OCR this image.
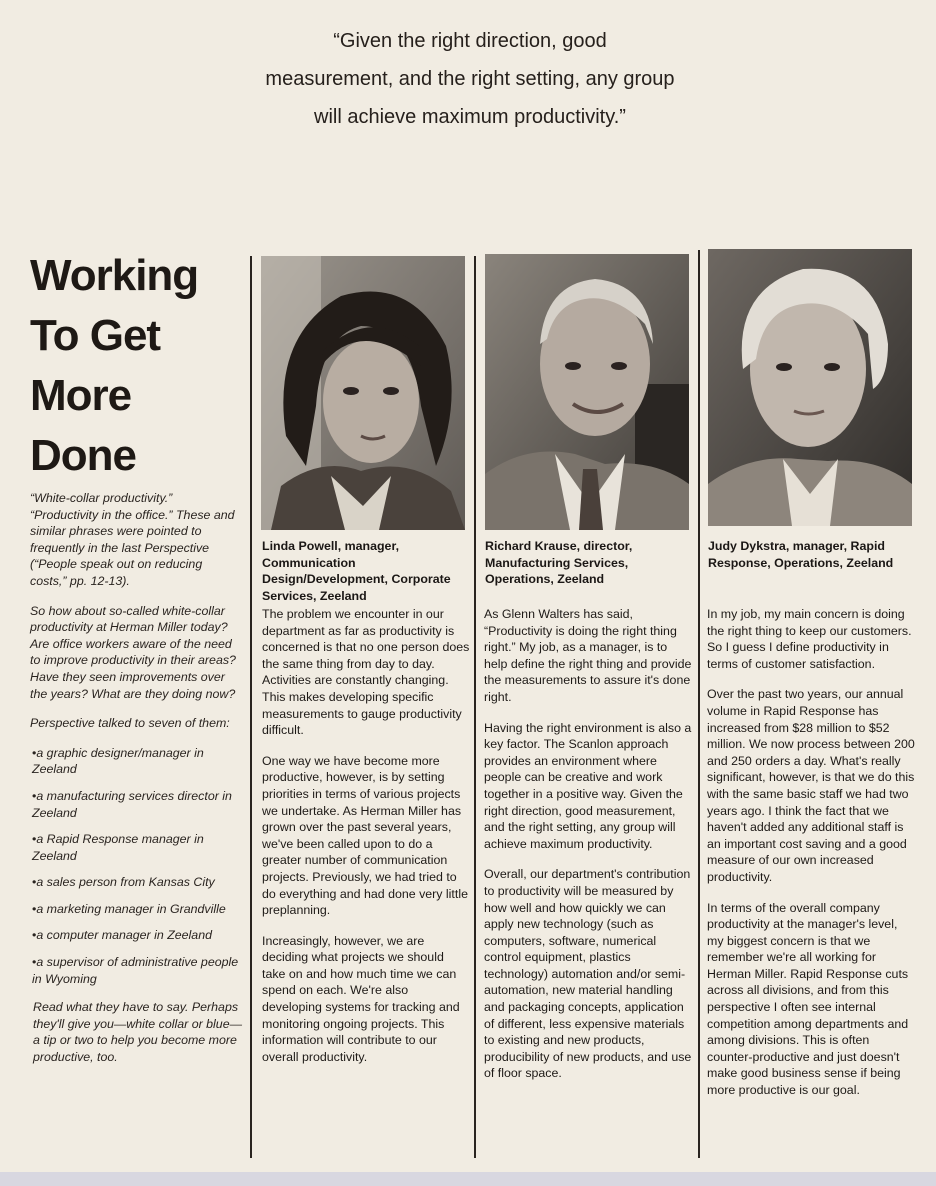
“Given the right direction, good

measurement, and the right setting, any group

will achieve maximum productivity.”

Working
To Get
More
Done

“White-collar productivity.” “Productivity in the office.” These and similar phrases were pointed to frequently in the last Perspective (“People speak out on reducing costs,” pp. 12-13).

So how about so-called white-collar productivity at Herman Miller today? Are office workers aware of the need to improve productivity in their areas? Have they seen improvements over the years? What are they doing now?

Perspective talked to seven of them:

•a graphic designer/manager in Zeeland
•a manufacturing services director in Zeeland
•a Rapid Response manager in Zeeland
•a sales person from Kansas City
•a marketing manager in Grandville
•a computer manager in Zeeland
•a supervisor of administrative people in Wyoming

Read what they have to say. Perhaps they'll give you—white collar or blue—a tip or two to help you become more productive, too.

Linda Powell, manager, Communication Design/Development, Corporate Services, Zeeland

The problem we encounter in our department as far as productivity is concerned is that no one person does the same thing from day to day. Activities are constantly changing. This makes developing specific measurements to gauge productivity difficult.

One way we have become more productive, however, is by setting priorities in terms of various projects we undertake. As Herman Miller has grown over the past several years, we've been called upon to do a greater number of communication projects. Previously, we had tried to do everything and had done very little preplanning.

Increasingly, however, we are deciding what projects we should take on and how much time we can spend on each. We're also developing systems for tracking and monitoring ongoing projects. This information will contribute to our overall productivity.

Richard Krause, director, Manufacturing Services, Operations, Zeeland

As Glenn Walters has said, “Productivity is doing the right thing right.” My job, as a manager, is to help define the right thing and provide the measurements to assure it's done right.

Having the right environment is also a key factor. The Scanlon approach provides an environment where people can be creative and work together in a positive way. Given the right direction, good measurement, and the right setting, any group will achieve maximum productivity.

Overall, our department's contribution to productivity will be measured by how well and how quickly we can apply new technology (such as computers, software, numerical control equipment, plastics technology) automation and/or semi-automation, new material handling and packaging concepts, application of different, less expensive materials to existing and new products, producibility of new products, and use of floor space.

Judy Dykstra, manager, Rapid Response, Operations, Zeeland

In my job, my main concern is doing the right thing to keep our customers. So I guess I define productivity in terms of customer satisfaction.

Over the past two years, our annual volume in Rapid Response has increased from $28 million to $52 million. We now process between 200 and 250 orders a day. What's really significant, however, is that we do this with the same basic staff we had two years ago. I think the fact that we haven't added any additional staff is an important cost saving and a good measure of our own increased productivity.

In terms of the overall company productivity at the manager's level, my biggest concern is that we remember we're all working for Herman Miller. Rapid Response cuts across all divisions, and from this perspective I often see internal competition among departments and among divisions. This is often counter-productive and just doesn't make good business sense if being more productive is our goal.
